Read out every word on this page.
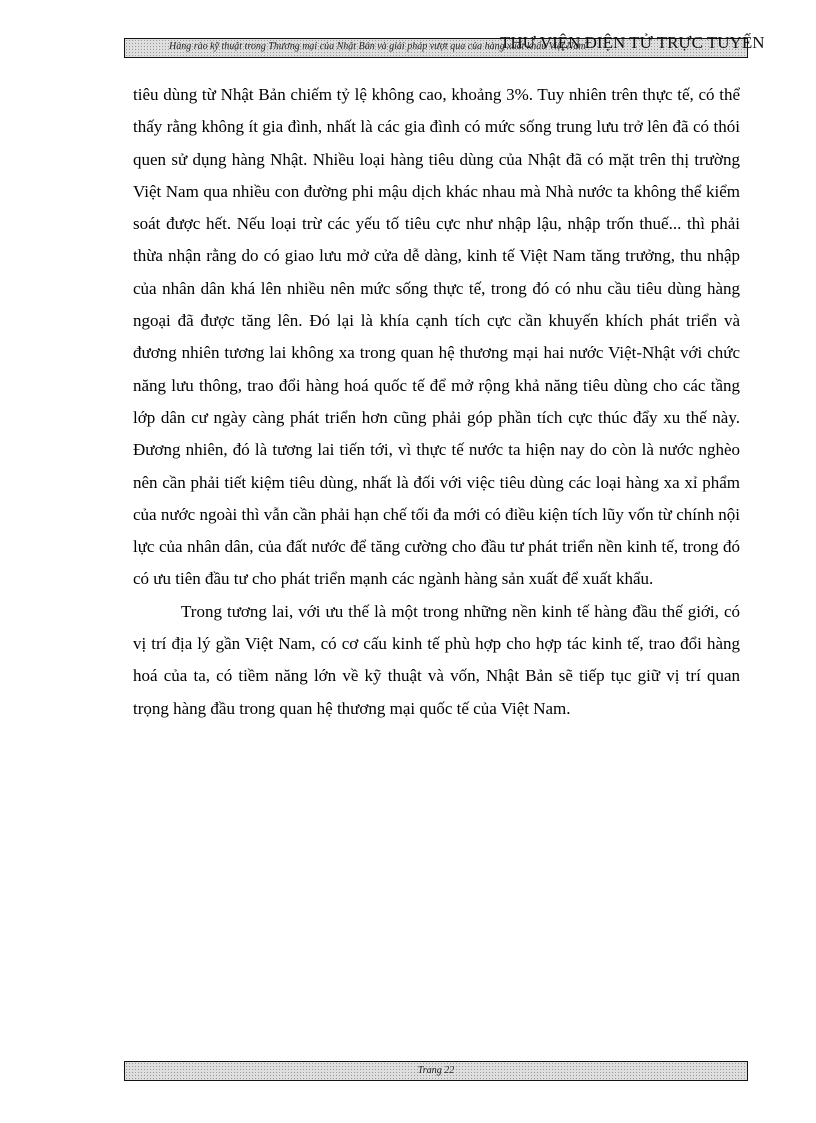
Hàng rào kỹ thuật trong Thương mại của Nhật Bản và giải pháp vượt qua của hàng xuất khẩu Việt Nam
THƯ VIỆN ĐIỆN TỬ TRỰC TUYẾN

tiêu dùng từ Nhật Bản chiếm tỷ lệ không cao, khoảng 3%. Tuy nhiên trên thực tế, có thể thấy rằng không ít gia đình, nhất là các gia đình có mức sống trung lưu trở lên đã có thói quen sử dụng hàng Nhật. Nhiều loại hàng tiêu dùng của Nhật đã có mặt trên thị trường Việt Nam qua nhiều con đường phi mậu dịch khác nhau mà Nhà nước ta không thể kiểm soát được hết. Nếu loại trừ các yếu tố tiêu cực như nhập lậu, nhập trốn thuế... thì phải thừa nhận rằng do có giao lưu mở cửa dễ dàng, kinh tế Việt Nam tăng trưởng, thu nhập của nhân dân khá lên nhiều nên mức sống thực tế, trong đó có nhu cầu tiêu dùng hàng ngoại đã được tăng lên. Đó lại là khía cạnh tích cực cần khuyến khích phát triển và đương nhiên tương lai không xa trong quan hệ thương mại hai nước Việt-Nhật với chức năng lưu thông, trao đổi hàng hoá quốc tế để mở rộng khả năng tiêu dùng cho các tầng lớp dân cư ngày càng phát triển hơn cũng phải góp phần tích cực thúc đẩy xu thế này. Đương nhiên, đó là tương lai tiến tới, vì thực tế nước ta hiện nay do còn là nước nghèo nên cần phải tiết kiệm tiêu dùng, nhất là đối với việc tiêu dùng các loại hàng xa xỉ phẩm của nước ngoài thì vẫn cần phải hạn chế tối đa mới có điều kiện tích lũy vốn từ chính nội lực của nhân dân, của đất nước để tăng cường cho đầu tư phát triển nền kinh tế, trong đó có ưu tiên đầu tư cho phát triển mạnh các ngành hàng sản xuất để xuất khẩu.

Trong tương lai, với ưu thế là một trong những nền kinh tế hàng đầu thế giới, có vị trí địa lý gần Việt Nam, có cơ cấu kinh tế phù hợp cho hợp tác kinh tế, trao đổi hàng hoá của ta, có tiềm năng lớn về kỹ thuật và vốn, Nhật Bản sẽ tiếp tục giữ vị trí quan trọng hàng đầu trong quan hệ thương mại quốc tế của Việt Nam.

Trang 22
